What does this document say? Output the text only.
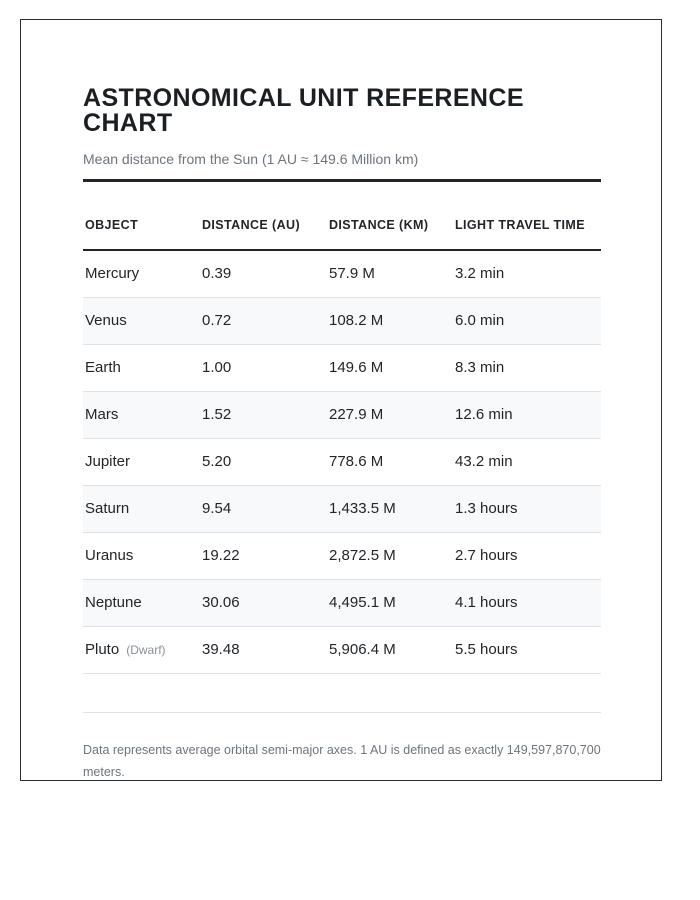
ASTRONOMICAL UNIT REFERENCE CHART

Mean distance from the Sun (1 AU ≈ 149.6 Million km)

OBJECT	DISTANCE (AU)	DISTANCE (KM)	LIGHT TRAVEL TIME
Mercury	0.39	57.9 M	3.2 min
Venus	0.72	108.2 M	6.0 min
Earth	1.00	149.6 M	8.3 min
Mars	1.52	227.9 M	12.6 min
Jupiter	5.20	778.6 M	43.2 min
Saturn	9.54	1,433.5 M	1.3 hours
Uranus	19.22	2,872.5 M	2.7 hours
Neptune	30.06	4,495.1 M	4.1 hours
Pluto (Dwarf)	39.48	5,906.4 M	5.5 hours

Data represents average orbital semi-major axes. 1 AU is defined as exactly 149,597,870,700 meters.
